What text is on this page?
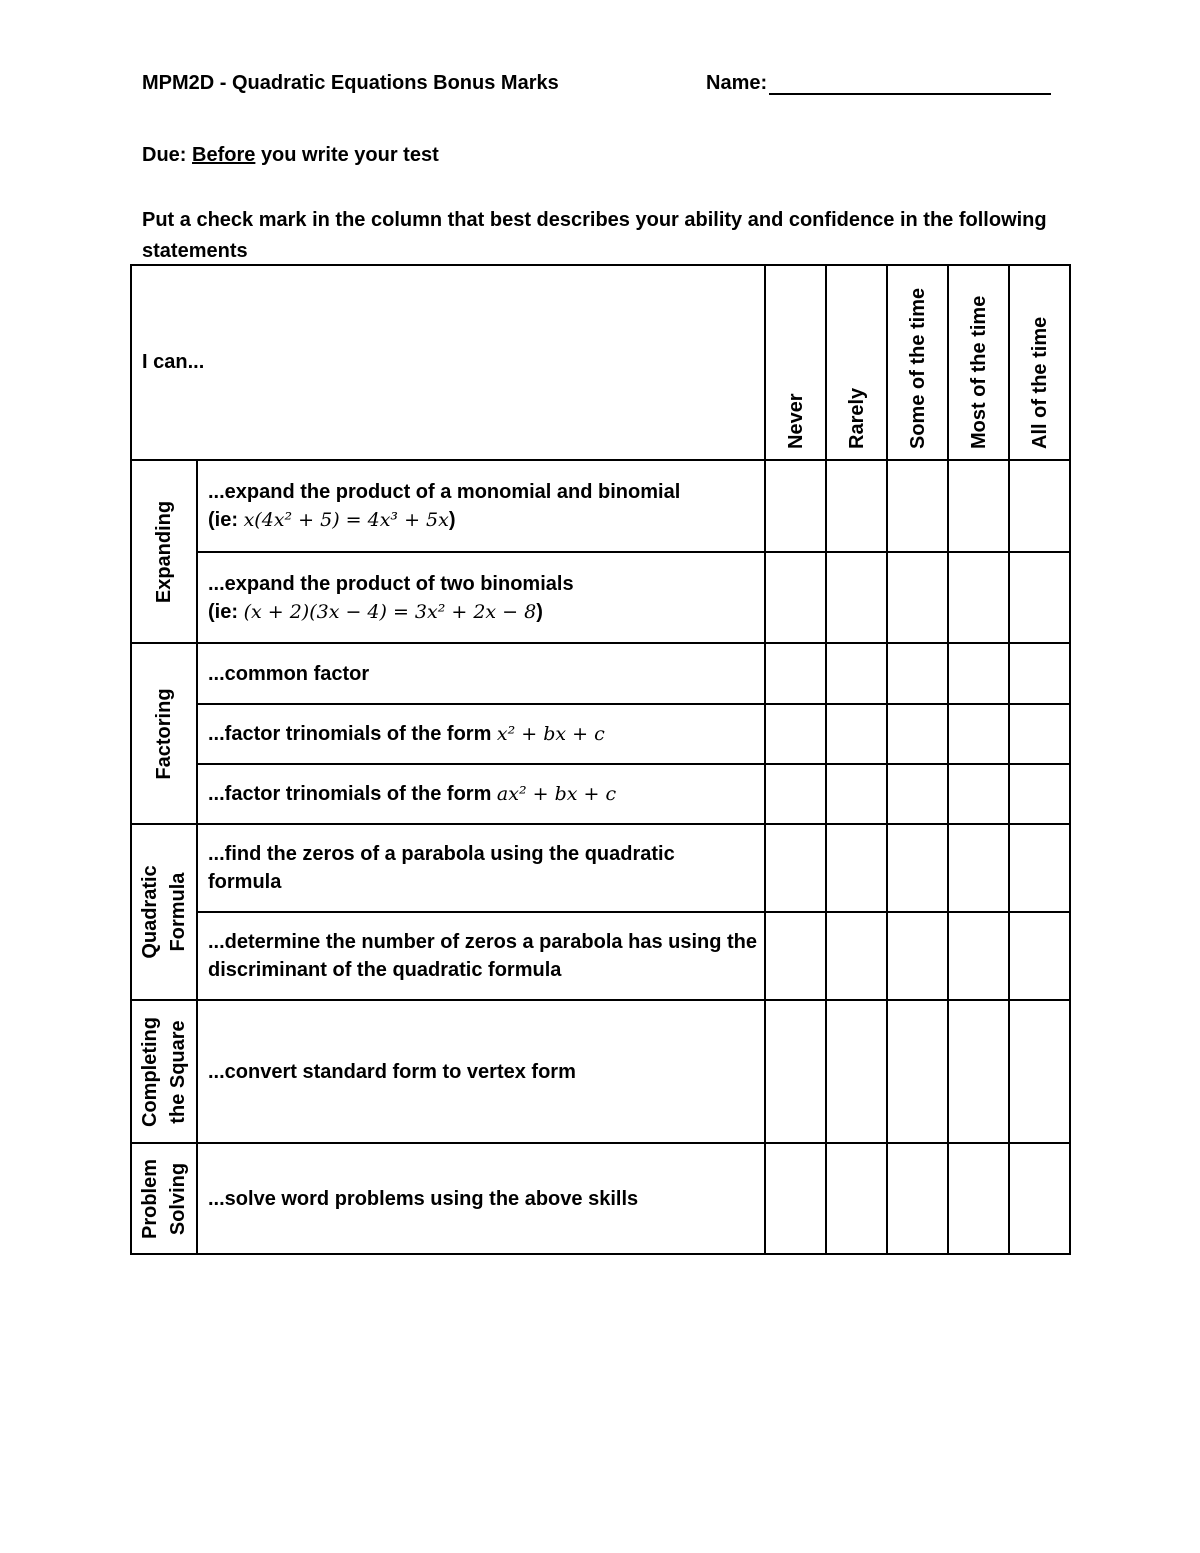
MPM2D - Quadratic Equations Bonus Marks	Name:
Due: Before you write your test
Put a check mark in the column that best describes your ability and confidence in the following statements
I can...		Never	Rarely	Some of the time	Most of the time	All of the time

Expanding	...expand the product of a monomial and binomial
(ie: x(4x² + 5) = 4x³ + 5x)					

	...expand the product of two binomials
(ie: (x + 2)(3x − 4) = 3x² + 2x − 8)					

Factoring	...common factor					
	...factor trinomials of the form x² + bx + c					
	...factor trinomials of the form ax² + bx + c					

Quadratic Formula	...find the zeros of a parabola using the quadratic formula					
	...determine the number of zeros a parabola has using the discriminant of the quadratic formula					

Completing the Square	...convert standard form to vertex form					

Problem Solving	...solve word problems using the above skills					
